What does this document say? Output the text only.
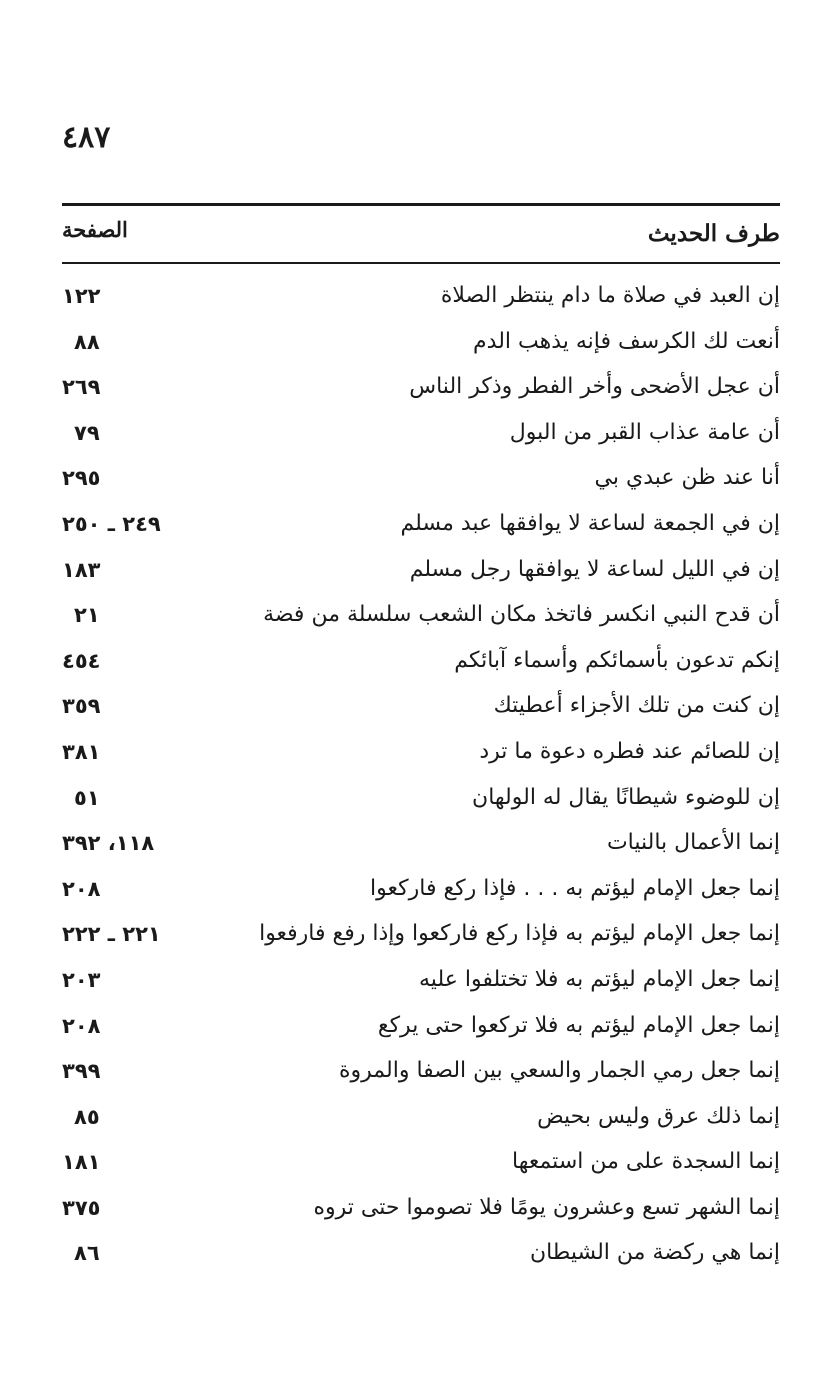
٤٨٧
طرف الحديث
الصفحة
إن العبد في صلاة ما دام ينتظر الصلاة
١٢٢
أنعت لك الكرسف فإنه يذهب الدم
٨٨
أن عجل الأضحى وأخر الفطر وذكر الناس
٢٦٩
أن عامة عذاب القبر من البول
٧٩
أنا عند ظن عبدي بي
٢٩٥
إن في الجمعة لساعة لا يوافقها عبد مسلم
٢٤٩ ـ ٢٥٠
إن في الليل لساعة لا يوافقها رجل مسلم
١٨٣
أن قدح النبي انكسر فاتخذ مكان الشعب سلسلة من فضة
٢١
إنكم تدعون بأسمائكم وأسماء آبائكم
٤٥٤
إن كنت من تلك الأجزاء أعطيتك
٣٥٩
إن للصائم عند فطره دعوة ما ترد
٣٨١
إن للوضوء شيطانًا يقال له الولهان
٥١
إنما الأعمال بالنيات
١١٨، ٣٩٢
إنما جعل الإمام ليؤتم به . . . فإذا ركع فاركعوا
٢٠٨
إنما جعل الإمام ليؤتم به فإذا ركع فاركعوا وإذا رفع فارفعوا
٢٢١ ـ ٢٢٢
إنما جعل الإمام ليؤتم به فلا تختلفوا عليه
٢٠٣
إنما جعل الإمام ليؤتم به فلا تركعوا حتى يركع
٢٠٨
إنما جعل رمي الجمار والسعي بين الصفا والمروة
٣٩٩
إنما ذلك عرق وليس بحيض
٨٥
إنما السجدة على من استمعها
١٨١
إنما الشهر تسع وعشرون يومًا فلا تصوموا حتى تروه
٣٧٥
إنما هي ركضة من الشيطان
٨٦
